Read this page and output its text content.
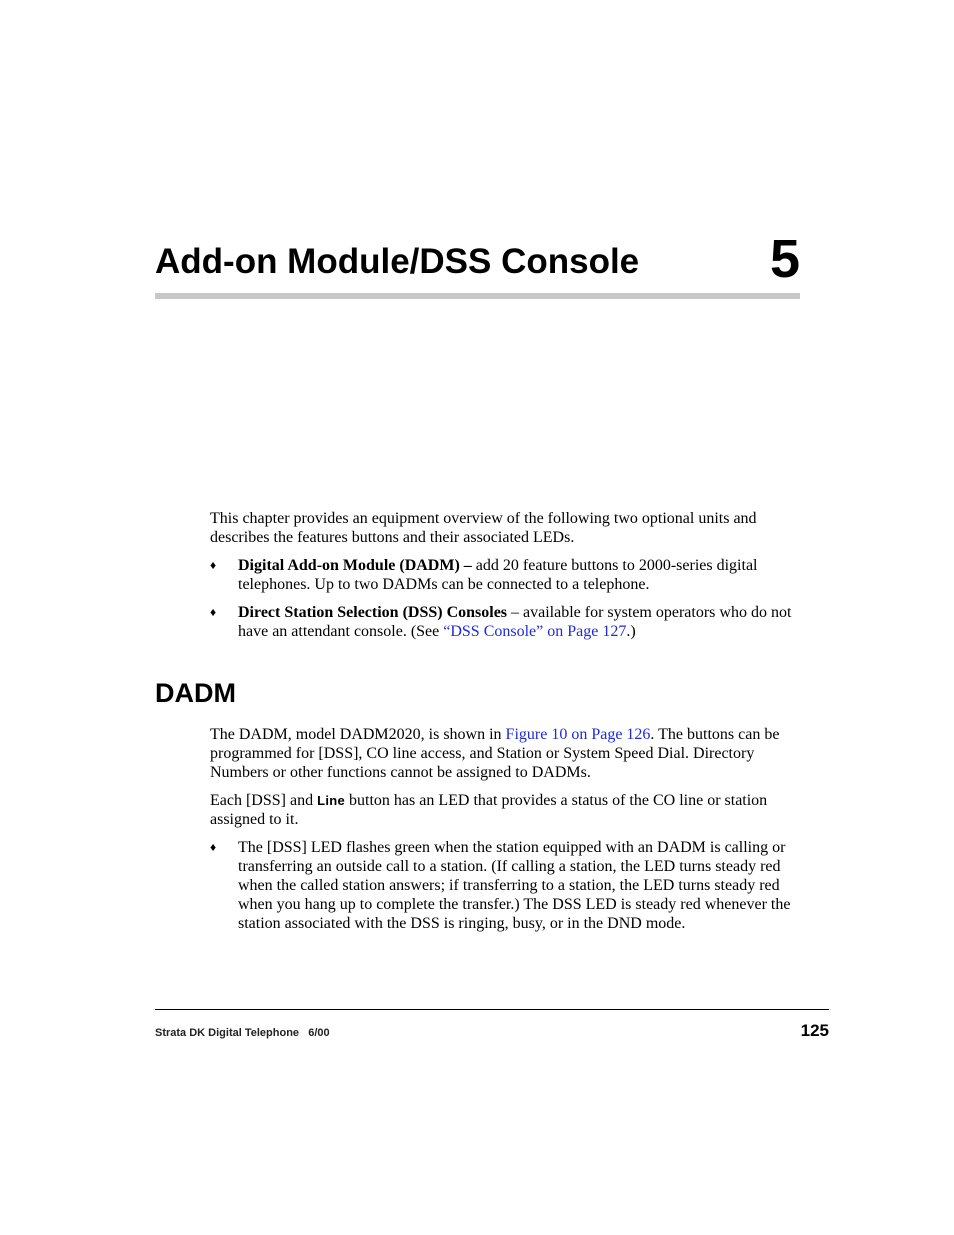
Add-on Module/DSS Console 5

This chapter provides an equipment overview of the following two optional units and describes the features buttons and their associated LEDs.

♦ Digital Add-on Module (DADM) – add 20 feature buttons to 2000-series digital telephones. Up to two DADMs can be connected to a telephone.
♦ Direct Station Selection (DSS) Consoles – available for system operators who do not have an attendant console. (See “DSS Console” on Page 127.)
DADM

The DADM, model DADM2020, is shown in Figure 10 on Page 126. The buttons can be programmed for [DSS], CO line access, and Station or System Speed Dial. Directory Numbers or other functions cannot be assigned to DADMs.

Each [DSS] and Line button has an LED that provides a status of the CO line or station assigned to it.

♦ The [DSS] LED flashes green when the station equipped with an DADM is calling or transferring an outside call to a station. (If calling a station, the LED turns steady red when the called station answers; if transferring to a station, the LED turns steady red when you hang up to complete the transfer.) The DSS LED is steady red whenever the station associated with the DSS is ringing, busy, or in the DND mode.
Strata DK Digital Telephone   6/00	125
